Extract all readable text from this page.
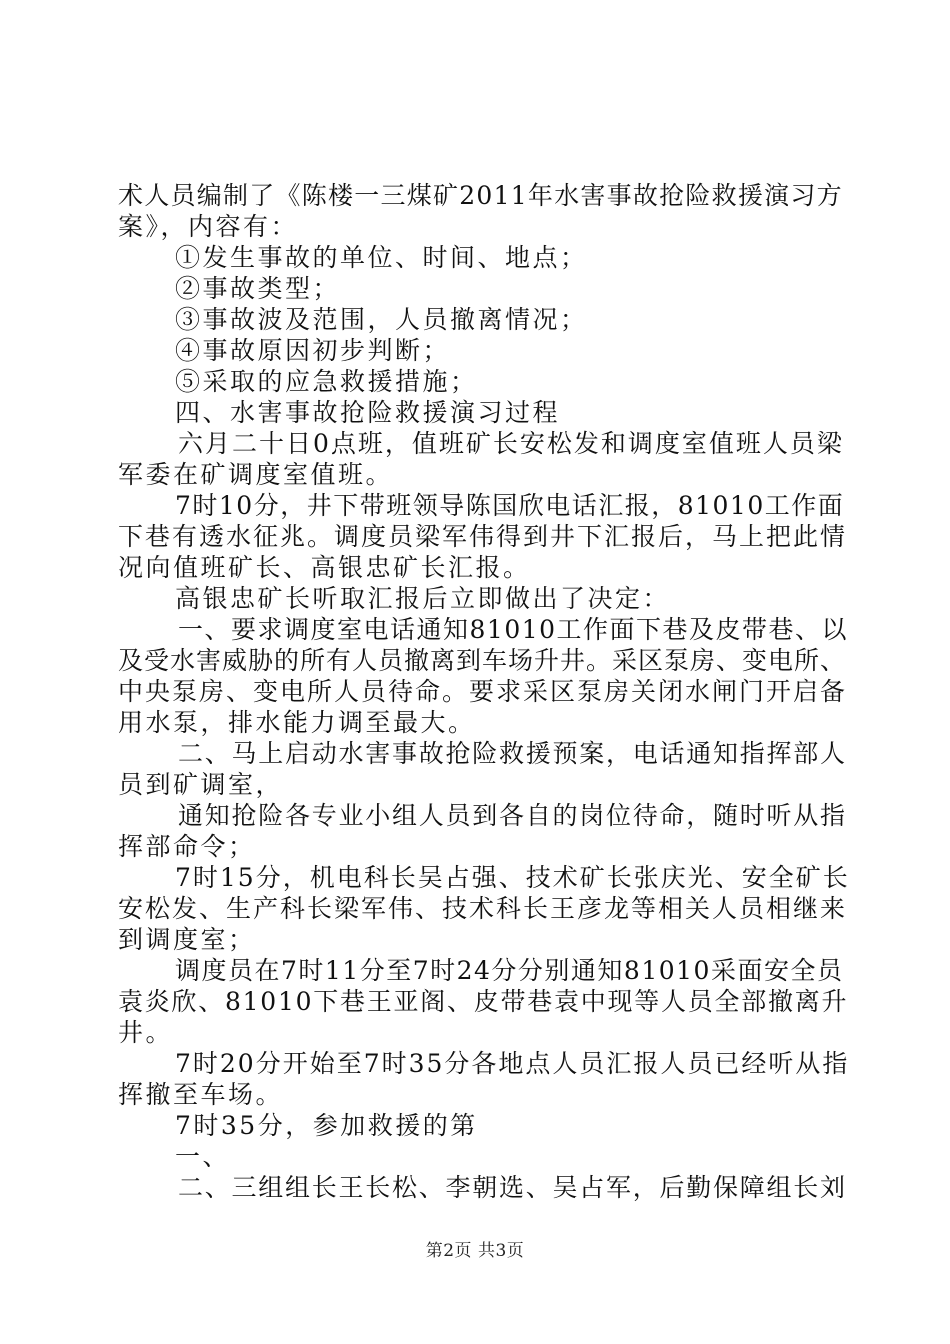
术人员编制了《陈楼一三煤矿2011年水害事故抢险救援演习方
案》，内容有：
①发生事故的单位、时间、地点；
②事故类型；
③事故波及范围，人员撤离情况；
④事故原因初步判断；
⑤采取的应急救援措施；
四、水害事故抢险救援演习过程
六月二十日0点班，值班矿长安松发和调度室值班人员梁
军委在矿调度室值班。
7时10分，井下带班领导陈国欣电话汇报，81010工作面
下巷有透水征兆。调度员梁军伟得到井下汇报后，马上把此情
况向值班矿长、高银忠矿长汇报。
高银忠矿长听取汇报后立即做出了决定：
一、要求调度室电话通知81010工作面下巷及皮带巷、以
及受水害威胁的所有人员撤离到车场升井。采区泵房、变电所、
中央泵房、变电所人员待命。要求采区泵房关闭水闸门开启备
用水泵，排水能力调至最大。
二、马上启动水害事故抢险救援预案，电话通知指挥部人
员到矿调室，
通知抢险各专业小组人员到各自的岗位待命，随时听从指
挥部命令；
7时15分，机电科长吴占强、技术矿长张庆光、安全矿长
安松发、生产科长梁军伟、技术科长王彦龙等相关人员相继来
到调度室；
调度员在7时11分至7时24分分别通知81010采面安全员
袁炎欣、81010下巷王亚阁、皮带巷袁中现等人员全部撤离升
井。
7时20分开始至7时35分各地点人员汇报人员已经听从指
挥撤至车场。
7时35分，参加救援的第
一、
二、三组组长王长松、李朝选、吴占军，后勤保障组长刘
第2页 共3页
